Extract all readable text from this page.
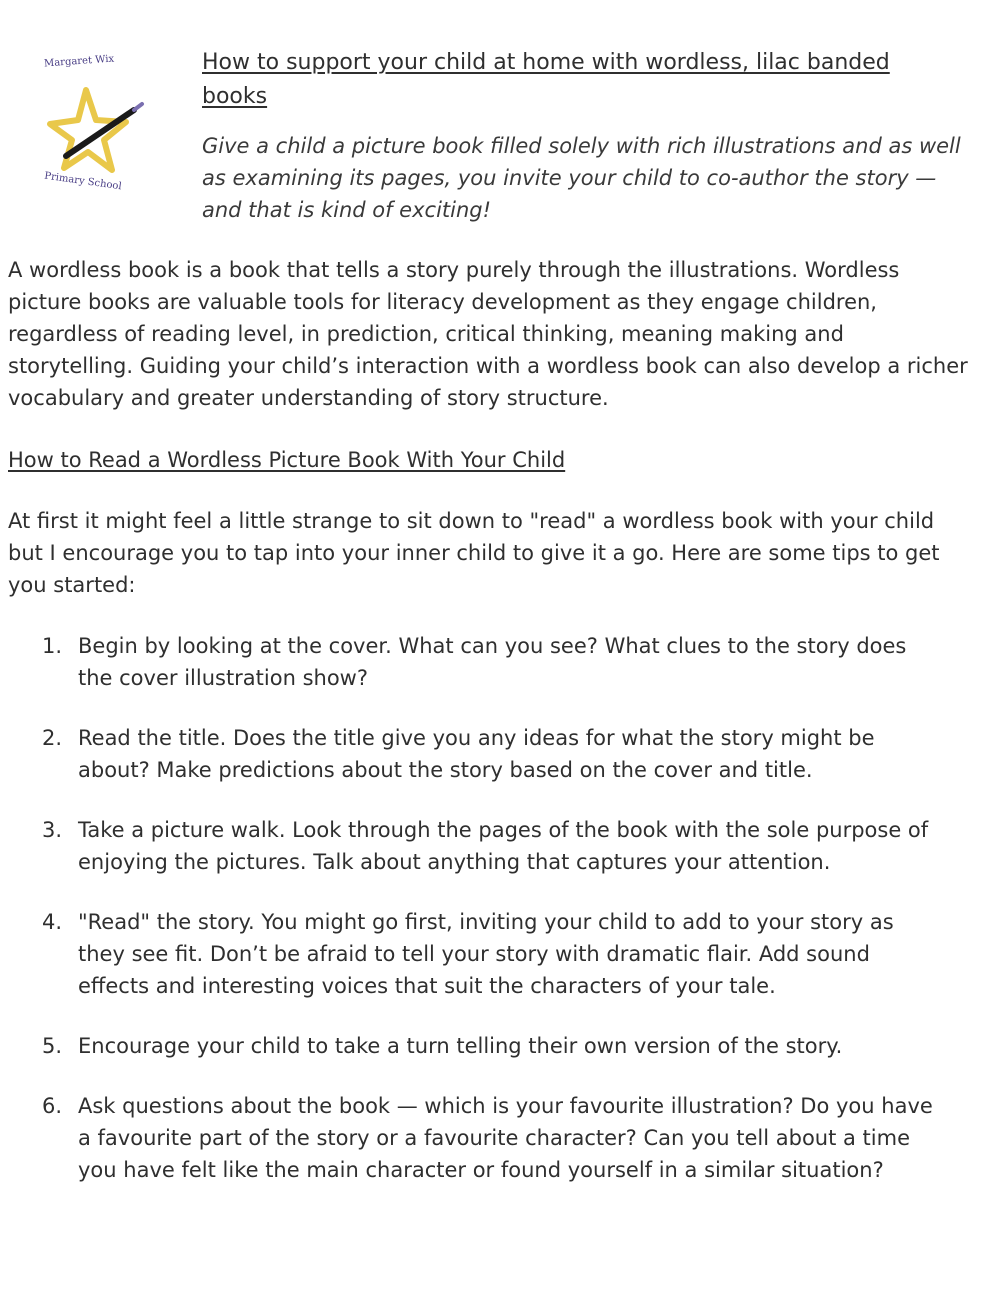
Margaret Wix
Primary School
How to support your child at home with wordless, lilac banded books

Give a child a picture book filled solely with rich illustrations and as well as examining its pages, you invite your child to co-author the story — and that is kind of exciting!

A wordless book is a book that tells a story purely through the illustrations. Wordless picture books are valuable tools for literacy development as they engage children, regardless of reading level, in prediction, critical thinking, meaning making and storytelling. Guiding your child’s interaction with a wordless book can also develop a richer vocabulary and greater understanding of story structure.

How to Read a Wordless Picture Book With Your Child

At first it might feel a little strange to sit down to "read" a wordless book with your child but I encourage you to tap into your inner child to give it a go. Here are some tips to get you started:

1. Begin by looking at the cover. What can you see? What clues to the story does the cover illustration show?
2. Read the title. Does the title give you any ideas for what the story might be about? Make predictions about the story based on the cover and title.
3. Take a picture walk. Look through the pages of the book with the sole purpose of enjoying the pictures. Talk about anything that captures your attention.
4. "Read" the story. You might go first, inviting your child to add to your story as they see fit. Don’t be afraid to tell your story with dramatic flair. Add sound effects and interesting voices that suit the characters of your tale.
5. Encourage your child to take a turn telling their own version of the story.
6. Ask questions about the book — which is your favourite illustration? Do you have a favourite part of the story or a favourite character? Can you tell about a time you have felt like the main character or found yourself in a similar situation?
